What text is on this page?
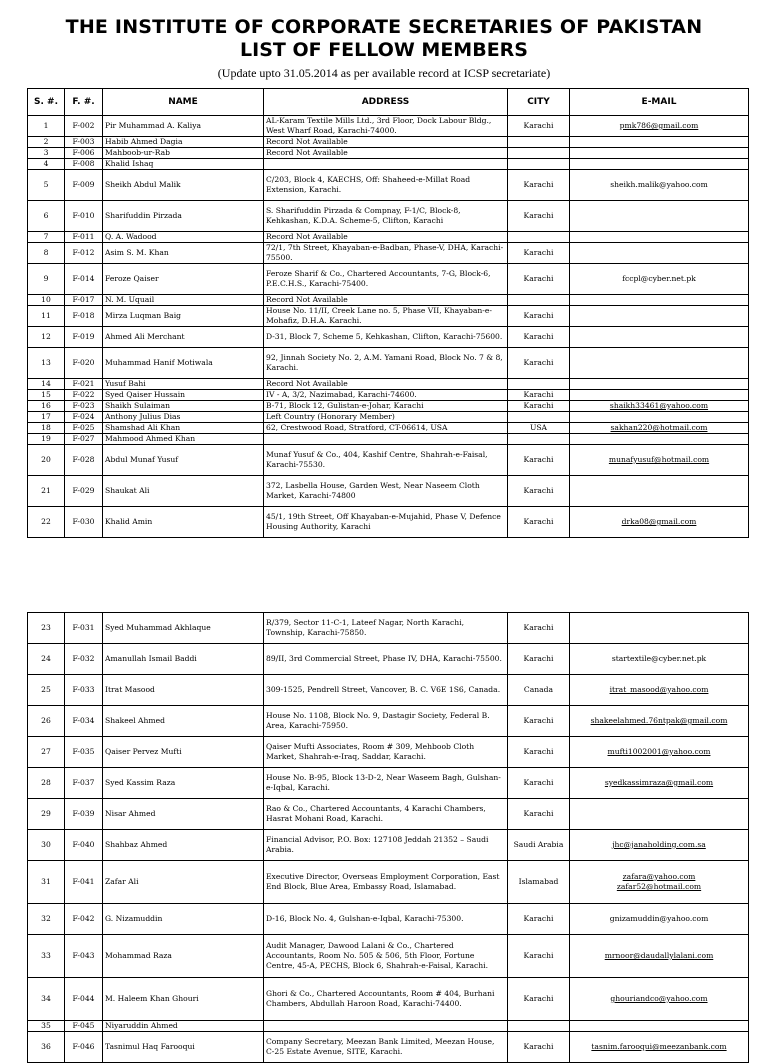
THE INSTITUTE OF CORPORATE SECRETARIES OF PAKISTAN
LIST OF FELLOW MEMBERS
(Update upto 31.05.2014 as per available record at ICSP secretariate)
S. #.	F. #.	NAME	ADDRESS	CITY	E-MAIL
1	F-002	Pir Muhammad A. Kaliya	AL-Karam Textile Mills Ltd., 3rd Floor, Dock Labour Bldg., West Wharf Road, Karachi-74000.	Karachi	pmk786@gmail.com

2	F-003	Habib Ahmed Dagia	Record Not Available		
3	F-006	Mahboob-ur-Rab	Record Not Available		
4	F-008	Khalid Ishaq			
5	F-009	Sheikh Abdul Malik	C/203, Block 4, KAECHS, Off: Shaheed-e-Millat Road Extension, Karachi.	Karachi	sheikh.malik@yahoo.com

6	F-010	Sharifuddin Pirzada	S. Sharifuddin Pirzada & Compnay, F-1/C, Block-8, Kehkashan, K.D.A. Scheme-5, Clifton, Karachi	Karachi	
7	F-011	Q. A. Wadood	Record Not Available		
8	F-012	Asim S. M. Khan	72/1, 7th Street, Khayaban-e-Badban, Phase-V, DHA, Karachi-75500.	Karachi	
9	F-014	Feroze Qaiser	Feroze Sharif & Co., Chartered Accountants, 7-G, Block-6, P.E.C.H.S., Karachi-75400.	Karachi	fccpl@cyber.net.pk

10	F-017	N. M. Uquail	Record Not Available		
11	F-018	Mirza Luqman Baig	House No. 11/II, Creek Lane no. 5, Phase VII, Khayaban-e-Mohafiz, D.H.A. Karachi.	Karachi	
12	F-019	Ahmed Ali Merchant	D-31, Block 7, Scheme 5, Kehkashan, Clifton, Karachi-75600.	Karachi	
13	F-020	Muhammad Hanif Motiwala	92, Jinnah Society No. 2, A.M. Yamani Road, Block No. 7 & 8, Karachi.	Karachi	
14	F-021	Yusuf Bahi	Record Not Available		
15	F-022	Syed Qaiser Hussain	IV - A, 3/2, Nazimabad, Karachi-74600.	Karachi	
16	F-023	Shaikh Sulaiman	B-71, Block 12, Gulistan-e-Johar, Karachi	Karachi	shaikh33461@yahoo.com

17	F-024	Anthony Julius Dias	Left Country (Honorary Member)		
18	F-025	Shamshad Ali Khan	62, Crestwood Road, Stratford, CT-06614, USA	USA	sakhan220@hotmail.com

19	F-027	Mahmood Ahmed Khan			
20	F-028	Abdul Munaf Yusuf	Munaf Yusuf & Co., 404, Kashif Centre, Shahrah-e-Faisal, Karachi-75530.	Karachi	munafyusuf@hotmail.com

21	F-029	Shaukat Ali	372, Lasbella House, Garden West, Near Naseem Cloth Market, Karachi-74800	Karachi	
22	F-030	Khalid Amin	45/1, 19th Street, Off Khayaban-e-Mujahid, Phase V, Defence Housing Authority, Karachi	Karachi	drka08@gmail.com
23	F-031	Syed Muhammad Akhlaque	R/379, Sector 11-C-1, Lateef Nagar, North Karachi, Township, Karachi-75850.	Karachi	
24	F-032	Amanullah Ismail Baddi	89/II, 3rd Commercial Street, Phase IV, DHA, Karachi-75500.	Karachi	startextile@cyber.net.pk

25	F-033	Itrat Masood	309-1525, Pendrell Street, Vancover, B. C. V6E 1S6, Canada.	Canada	itrat_masood@yahoo.com

26	F-034	Shakeel Ahmed	House No. 1108, Block No. 9, Dastagir Society, Federal B. Area, Karachi-75950.	Karachi	shakeelahmed.76ntpak@gmail.com

27	F-035	Qaiser Pervez Mufti	Qaiser Mufti Associates, Room # 309, Mehboob Cloth Market, Shahrah-e-Iraq, Saddar, Karachi.	Karachi	mufti1002001@yahoo.com

28	F-037	Syed Kassim Raza	House No. B-95, Block 13-D-2, Near Waseem Bagh, Gulshan-e-Iqbal, Karachi.	Karachi	syedkassimraza@gmail.com

29	F-039	Nisar Ahmed	Rao & Co., Chartered Accountants, 4 Karachi Chambers, Hasrat Mohani Road, Karachi.	Karachi	
30	F-040	Shahbaz Ahmed	Financial Advisor, P.O. Box: 127108 Jeddah 21352 – Saudi Arabia.	Saudi Arabia	jhc@janaholding.com.sa

31	F-041	Zafar Ali	Executive Director, Overseas Employment Corporation, East End Block, Blue Area, Embassy Road, Islamabad.	Islamabad	zafara@yahoo.com
zafar52@hotmail.com

32	F-042	G. Nizamuddin	D-16, Block No. 4, Gulshan-e-Iqbal, Karachi-75300.	Karachi	gnizamuddin@yahoo.com

33	F-043	Mohammad Raza	Audit Manager, Dawood Lalani & Co., Chartered Accountants, Room No. 505 & 506, 5th Floor, Fortune Centre, 45-A, PECHS, Block 6, Shahrah-e-Faisal, Karachi.	Karachi	mrnoor@daudallylalani.com

34	F-044	M. Haleem Khan Ghouri	Ghori & Co., Chartered Accountants, Room # 404, Burhani Chambers, Abdullah Haroon Road, Karachi-74400.	Karachi	ghouriandco@yahoo.com

35	F-045	Niyaruddin Ahmed			
36	F-046	Tasnimul Haq Farooqui	Company Secretary, Meezan Bank Limited, Meezan House, C-25 Estate Avenue, SITE, Karachi.	Karachi	tasnim.farooqui@meezanbank.com
